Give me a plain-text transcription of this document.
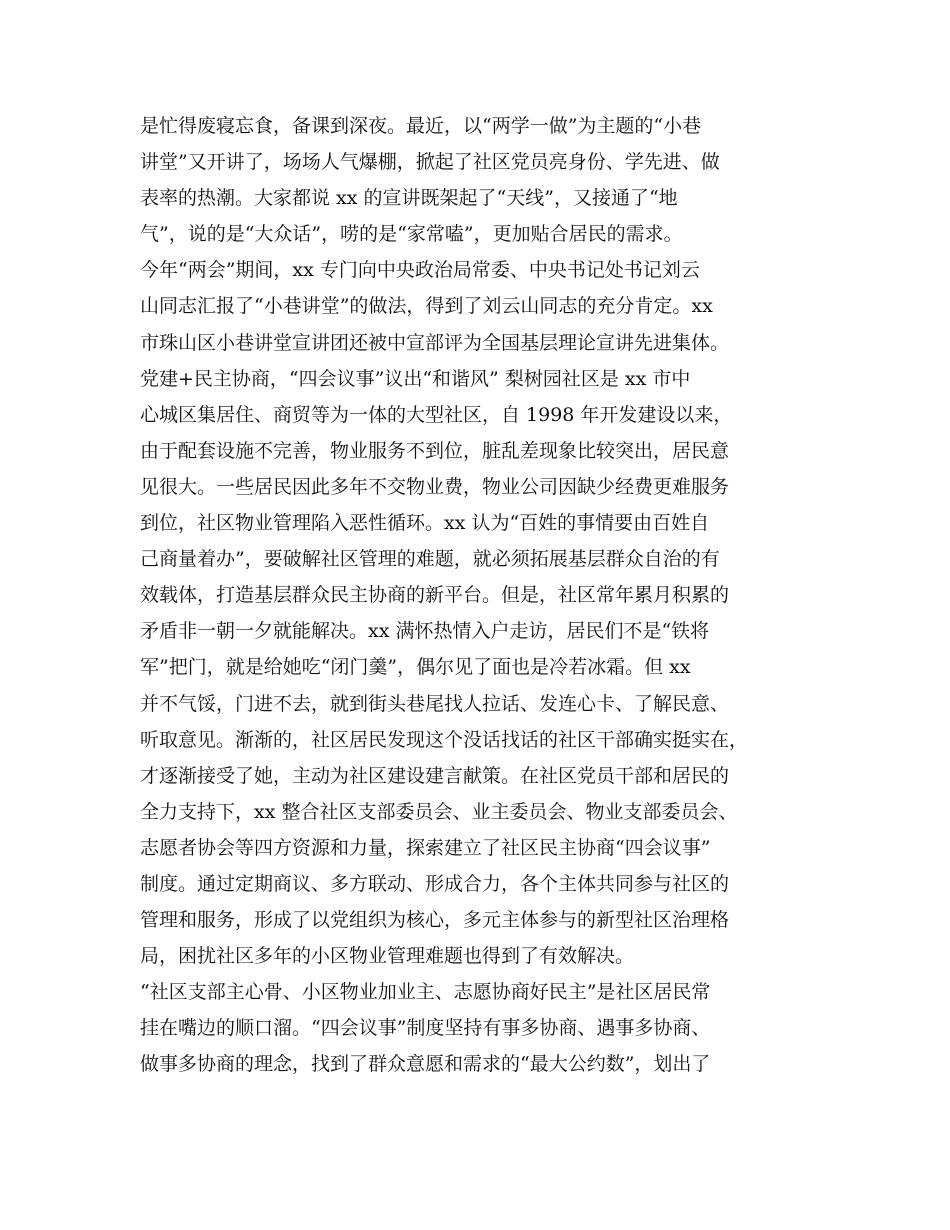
是忙得废寝忘食，备课到深夜。最近，以“两学一做”为主题的“小巷
讲堂”又开讲了，场场人气爆棚，掀起了社区党员亮身份、学先进、做
表率的热潮。大家都说 xx 的宣讲既架起了“天线”，又接通了“地
气”，说的是“大众话”，唠的是“家常嗑”，更加贴合居民的需求。
今年“两会”期间，xx 专门向中央政治局常委、中央书记处书记刘云
山同志汇报了“小巷讲堂”的做法，得到了刘云山同志的充分肯定。xx
市珠山区小巷讲堂宣讲团还被中宣部评为全国基层理论宣讲先进集体。
党建+民主协商，“四会议事”议出“和谐风” 梨树园社区是 xx 市中
心城区集居住、商贸等为一体的大型社区，自 1998 年开发建设以来，
由于配套设施不完善，物业服务不到位，脏乱差现象比较突出，居民意
见很大。一些居民因此多年不交物业费，物业公司因缺少经费更难服务
到位，社区物业管理陷入恶性循环。xx 认为“百姓的事情要由百姓自
己商量着办”，要破解社区管理的难题，就必须拓展基层群众自治的有
效载体，打造基层群众民主协商的新平台。但是，社区常年累月积累的
矛盾非一朝一夕就能解决。xx 满怀热情入户走访，居民们不是“铁将
军”把门，就是给她吃“闭门羹”，偶尔见了面也是冷若冰霜。但 xx
并不气馁，门进不去，就到街头巷尾找人拉话、发连心卡、了解民意、
听取意见。渐渐的，社区居民发现这个没话找话的社区干部确实挺实在，
才逐渐接受了她，主动为社区建设建言献策。在社区党员干部和居民的
全力支持下，xx 整合社区支部委员会、业主委员会、物业支部委员会、
志愿者协会等四方资源和力量，探索建立了社区民主协商“四会议事”
制度。通过定期商议、多方联动、形成合力，各个主体共同参与社区的
管理和服务，形成了以党组织为核心，多元主体参与的新型社区治理格
局，困扰社区多年的小区物业管理难题也得到了有效解决。
“社区支部主心骨、小区物业加业主、志愿协商好民主”是社区居民常
挂在嘴边的顺口溜。“四会议事”制度坚持有事多协商、遇事多协商、
做事多协商的理念，找到了群众意愿和需求的“最大公约数”，划出了
